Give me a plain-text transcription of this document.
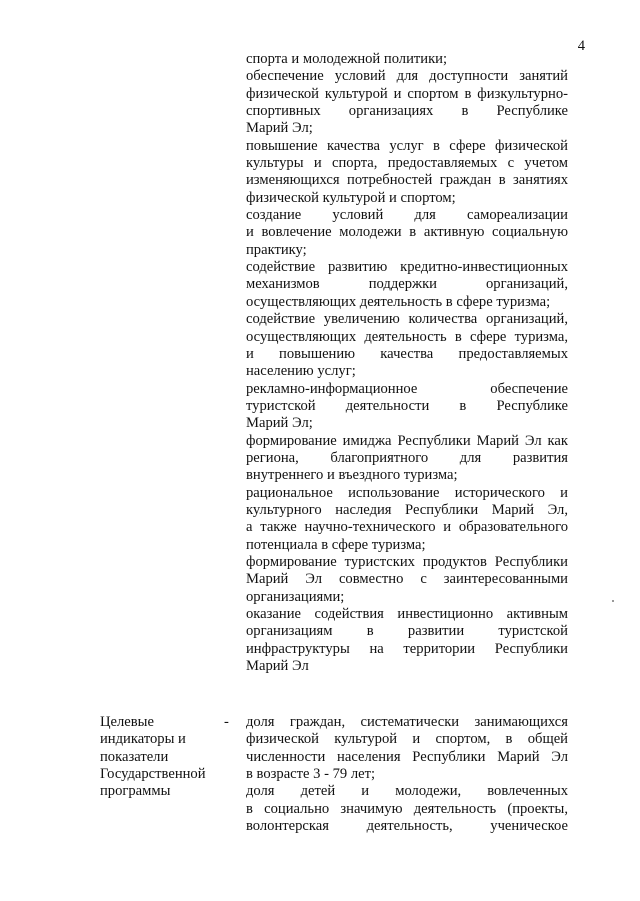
4
спорта и молодежной политики;
обеспечение условий для доступности занятий
физической культурой и спортом в физкультурно-
спортивных организациях в Республике
Марий Эл;
повышение качества услуг в сфере физической
культуры и спорта, предоставляемых с учетом
изменяющихся потребностей граждан в занятиях
физической культурой и спортом;
создание условий для самореализации
и вовлечение молодежи в активную социальную
практику;
содействие развитию кредитно-инвестиционных
механизмов поддержки организаций,
осуществляющих деятельность в сфере туризма;
содействие увеличению количества организаций,
осуществляющих деятельность в сфере туризма,
и повышению качества предоставляемых
населению услуг;
рекламно-информационное обеспечение
туристской деятельности в Республике
Марий Эл;
формирование имиджа Республики Марий Эл как
региона, благоприятного для развития
внутреннего и въездного туризма;
рациональное использование исторического и
культурного наследия Республики Марий Эл,
а также научно-технического и образовательного
потенциала в сфере туризма;
формирование туристских продуктов Республики
Марий Эл совместно с заинтересованными
организациями;
оказание содействия инвестиционно активным
организациям в развитии туристской
инфраструктуры на территории Республики
Марий Эл
Целевые
индикаторы и
показатели
Государственной
программы
- доля граждан, систематически занимающихся
физической культурой и спортом, в общей
численности населения Республики Марий Эл
в возрасте 3 - 79 лет;
доля детей и молодежи, вовлеченных
в социально значимую деятельность (проекты,
волонтерская деятельность, ученическое
